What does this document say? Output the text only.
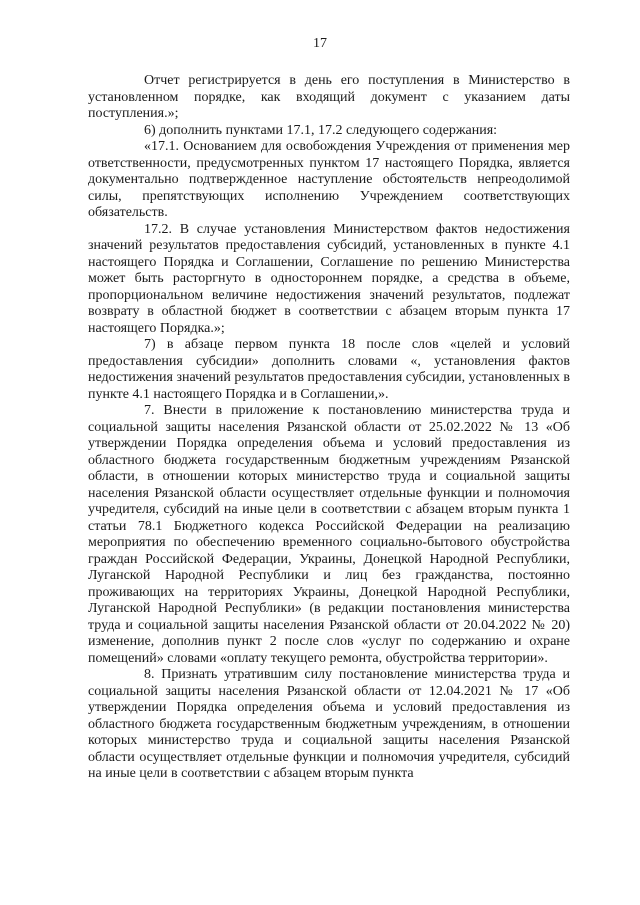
17

Отчет регистрируется в день его поступления в Министерство в установленном порядке, как входящий документ с указанием даты поступления.»;

6) дополнить пунктами 17.1, 17.2 следующего содержания:

«17.1. Основанием для освобождения Учреждения от применения мер ответственности, предусмотренных пунктом 17 настоящего Порядка, является документально подтвержденное наступление обстоятельств непреодолимой силы, препятствующих исполнению Учреждением соответствующих обязательств.

17.2. В случае установления Министерством фактов недостижения значений результатов предоставления субсидий, установленных в пункте 4.1 настоящего Порядка и Соглашении, Соглашение по решению Министерства может быть расторгнуто в одностороннем порядке, а средства в объеме, пропорциональном величине недостижения значений результатов, подлежат возврату в областной бюджет в соответствии с абзацем вторым пункта 17 настоящего Порядка.»;

7) в абзаце первом пункта 18 после слов «целей и условий предоставления субсидии» дополнить словами «, установления фактов недостижения значений результатов предоставления субсидии, установленных в пункте 4.1 настоящего Порядка и в Соглашении,».

7. Внести в приложение к постановлению министерства труда и социальной защиты населения Рязанской области от 25.02.2022 № 13 «Об утверждении Порядка определения объема и условий предоставления из областного бюджета государственным бюджетным учреждениям Рязанской области, в отношении которых министерство труда и социальной защиты населения Рязанской области осуществляет отдельные функции и полномочия учредителя, субсидий на иные цели в соответствии с абзацем вторым пункта 1 статьи 78.1 Бюджетного кодекса Российской Федерации на реализацию мероприятия по обеспечению временного социально-бытового обустройства граждан Российской Федерации, Украины, Донецкой Народной Республики, Луганской Народной Республики и лиц без гражданства, постоянно проживающих на территориях Украины, Донецкой Народной Республики, Луганской Народной Республики» (в редакции постановления министерства труда и социальной защиты населения Рязанской области от 20.04.2022 № 20) изменение, дополнив пункт 2 после слов «услуг по содержанию и охране помещений» словами «оплату текущего ремонта, обустройства территории».

8. Признать утратившим силу постановление министерства труда и социальной защиты населения Рязанской области от 12.04.2021 № 17 «Об утверждении Порядка определения объема и условий предоставления из областного бюджета государственным бюджетным учреждениям, в отношении которых министерство труда и социальной защиты населения Рязанской области осуществляет отдельные функции и полномочия учредителя, субсидий на иные цели в соответствии с абзацем вторым пункта
